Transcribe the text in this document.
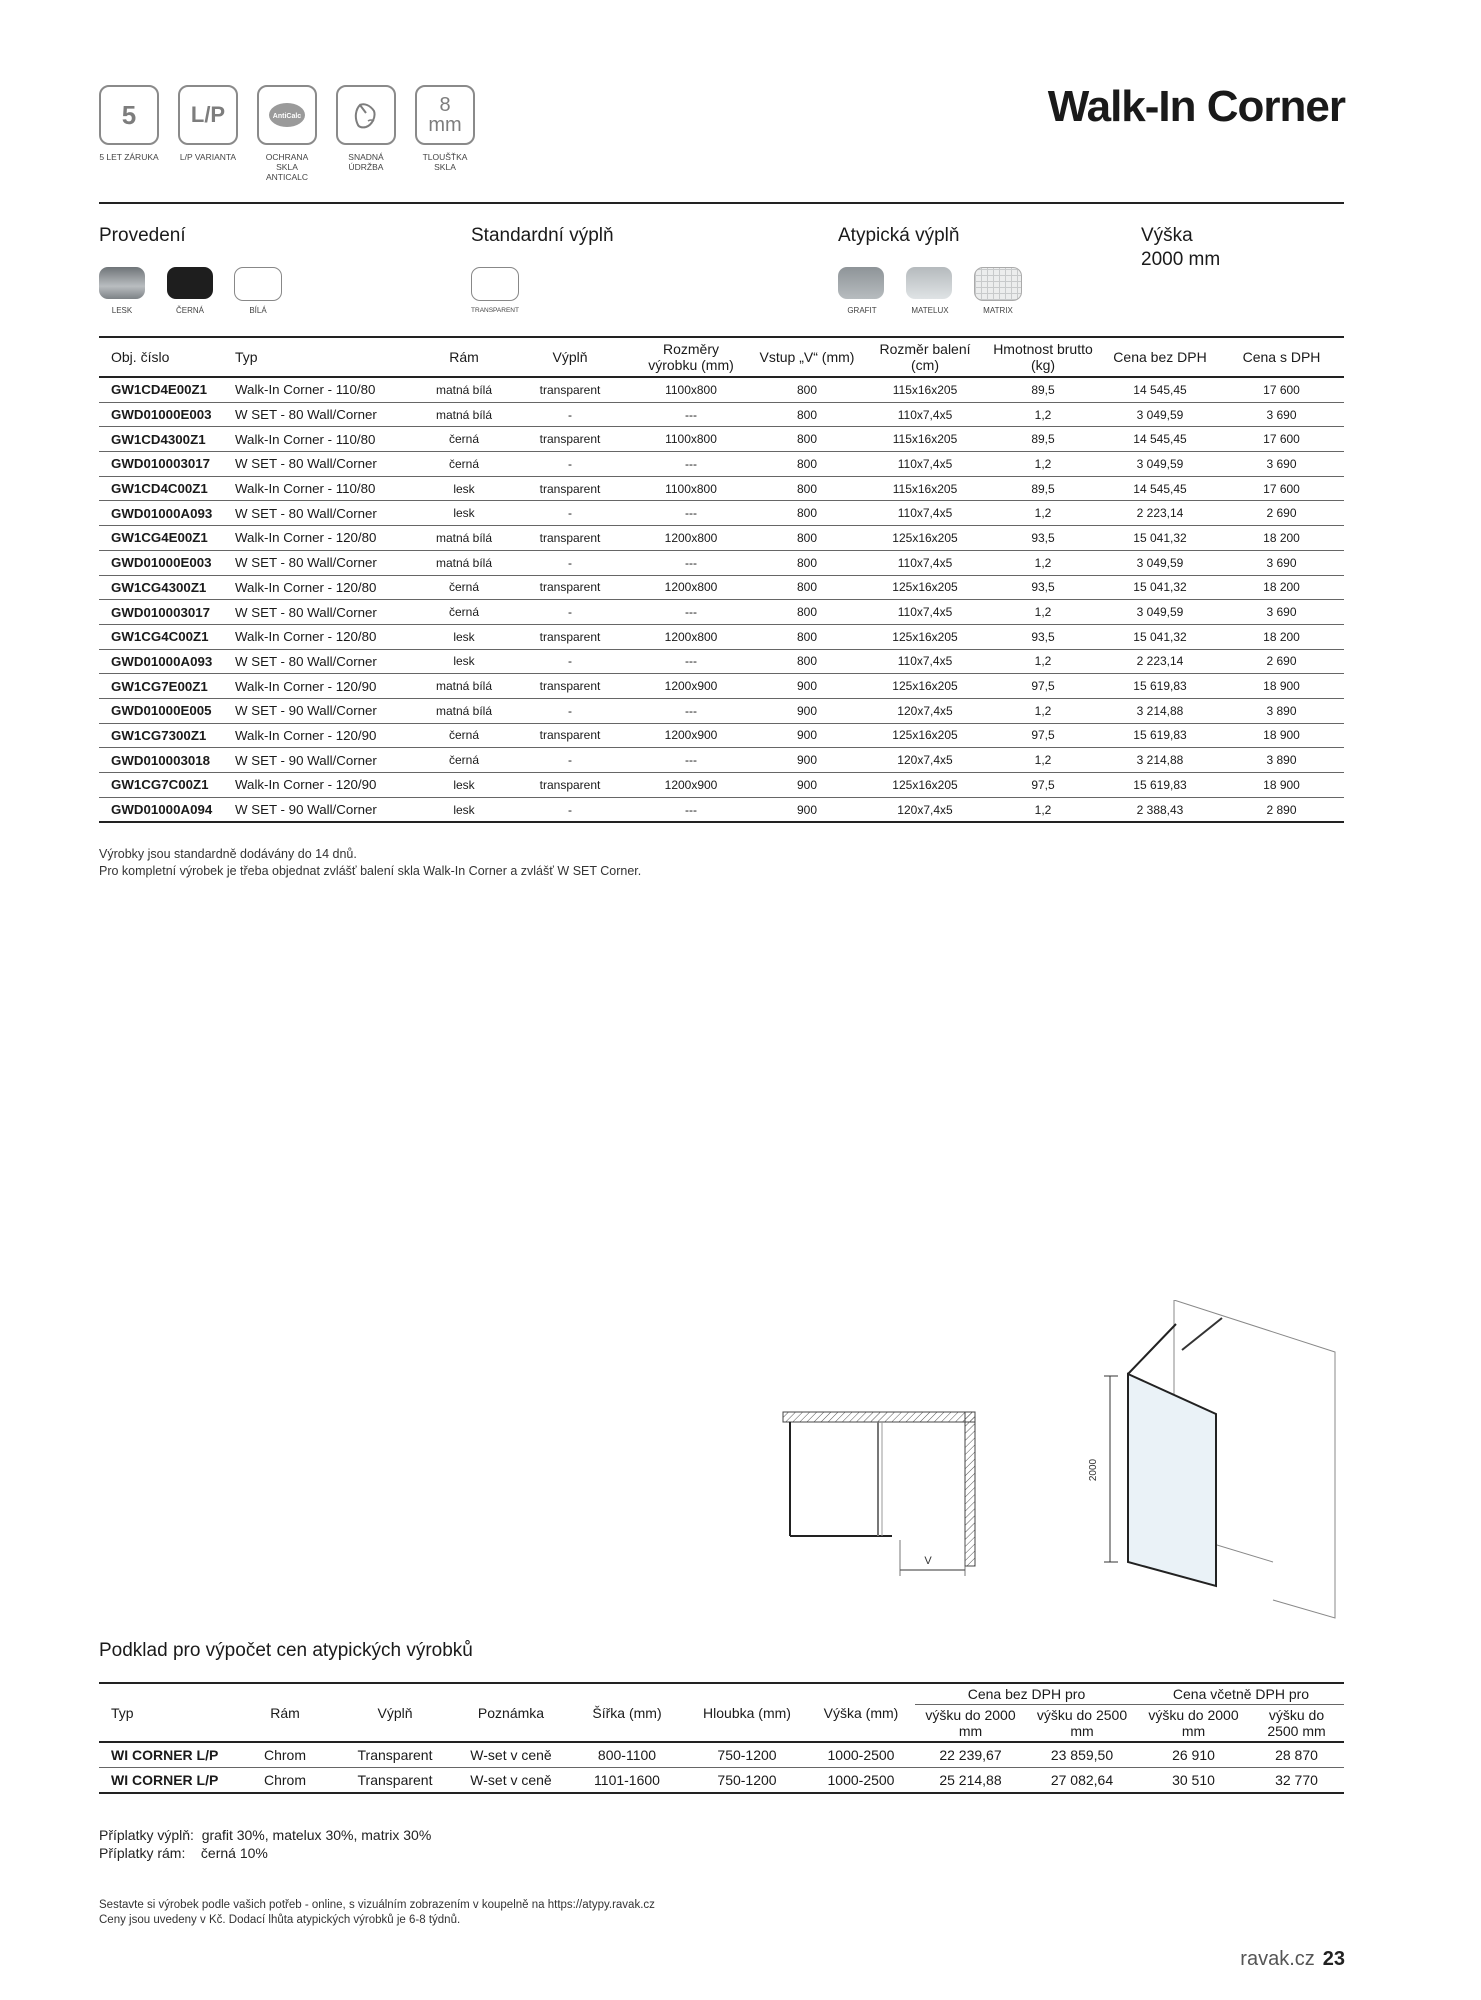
5
5 LET ZÁRUKA
L/P
L/P VARIANTA
AntiCalc
OCHRANA SKLA ANTICALC
SNADNÁ ÚDRŽBA
8
mm
TLOUŠŤKA SKLA
Walk-In Corner
Provedení
LESK	ČERNÁ	BÍLÁ
Standardní výplň
TRANSPARENT
Atypická výplň
GRAFIT	MATELUX	MATRIX
Výška
2000 mm
Obj. číslo	Typ	Rám	Výplň	Rozměry výrobku (mm)	Vstup „V“ (mm)	Rozměr balení (cm)	Hmotnost brutto (kg)	Cena bez DPH	Cena s DPH
GW1CD4E00Z1	Walk-In Corner - 110/80	matná bílá	transparent	1100x800	800	115x16x205	89,5	14 545,45	17 600
GWD01000E003	W SET - 80 Wall/Corner	matná bílá	-	---	800	110x7,4x5	1,2	3 049,59	3 690
GW1CD4300Z1	Walk-In Corner - 110/80	černá	transparent	1100x800	800	115x16x205	89,5	14 545,45	17 600
GWD010003017	W SET - 80 Wall/Corner	černá	-	---	800	110x7,4x5	1,2	3 049,59	3 690
GW1CD4C00Z1	Walk-In Corner - 110/80	lesk	transparent	1100x800	800	115x16x205	89,5	14 545,45	17 600
GWD01000A093	W SET - 80 Wall/Corner	lesk	-	---	800	110x7,4x5	1,2	2 223,14	2 690
GW1CG4E00Z1	Walk-In Corner - 120/80	matná bílá	transparent	1200x800	800	125x16x205	93,5	15 041,32	18 200
GWD01000E003	W SET - 80 Wall/Corner	matná bílá	-	---	800	110x7,4x5	1,2	3 049,59	3 690
GW1CG4300Z1	Walk-In Corner - 120/80	černá	transparent	1200x800	800	125x16x205	93,5	15 041,32	18 200
GWD010003017	W SET - 80 Wall/Corner	černá	-	---	800	110x7,4x5	1,2	3 049,59	3 690
GW1CG4C00Z1	Walk-In Corner - 120/80	lesk	transparent	1200x800	800	125x16x205	93,5	15 041,32	18 200
GWD01000A093	W SET - 80 Wall/Corner	lesk	-	---	800	110x7,4x5	1,2	2 223,14	2 690
GW1CG7E00Z1	Walk-In Corner - 120/90	matná bílá	transparent	1200x900	900	125x16x205	97,5	15 619,83	18 900
GWD01000E005	W SET - 90 Wall/Corner	matná bílá	-	---	900	120x7,4x5	1,2	3 214,88	3 890
GW1CG7300Z1	Walk-In Corner - 120/90	černá	transparent	1200x900	900	125x16x205	97,5	15 619,83	18 900
GWD010003018	W SET - 90 Wall/Corner	černá	-	---	900	120x7,4x5	1,2	3 214,88	3 890
GW1CG7C00Z1	Walk-In Corner - 120/90	lesk	transparent	1200x900	900	125x16x205	97,5	15 619,83	18 900
GWD01000A094	W SET - 90 Wall/Corner	lesk	-	---	900	120x7,4x5	1,2	2 388,43	2 890
Výrobky jsou standardně dodávány do 14 dnů.
Pro kompletní výrobek je třeba objednat zvlášť balení skla Walk-In Corner a zvlášť W SET Corner.
V
2000
Podklad pro výpočet cen atypických výrobků
Typ	Rám	Výplň	Poznámka	Šířka (mm)	Hloubka (mm)	Výška (mm)	Cena bez DPH pro		Cena včetně DPH pro	
							výšku do 2000 mm	výšku do 2500 mm	výšku do 2000 mm	výšku do 2500 mm
WI CORNER L/P	Chrom	Transparent	W-set v ceně	800-1100	750-1200	1000-2500	22 239,67	23 859,50	26 910	28 870
WI CORNER L/P	Chrom	Transparent	W-set v ceně	1101-1600	750-1200	1000-2500	25 214,88	27 082,64	30 510	32 770
Příplatky výplň: grafit 30%, matelux 30%, matrix 30%
Příplatky rám: černá 10%
Sestavte si výrobek podle vašich potřeb - online, s vizuálním zobrazením v koupelně na https://atypy.ravak.cz
Ceny jsou uvedeny v Kč. Dodací lhůta atypických výrobků je 6-8 týdnů.
ravak.cz 23
